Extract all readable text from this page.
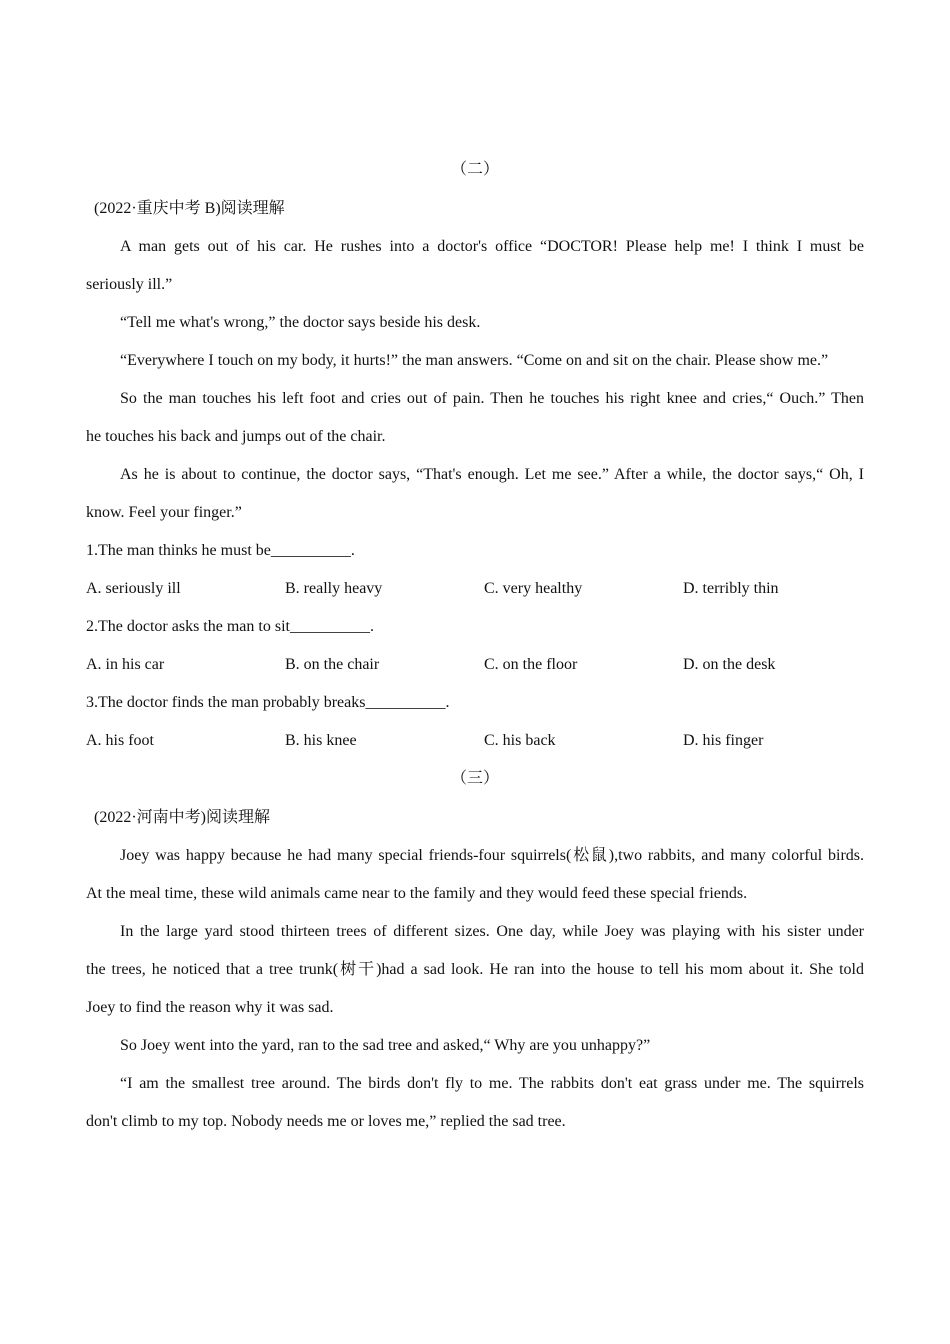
（二）
(2022·重庆中考 B)阅读理解
A man gets out of his car. He rushes into a doctor's office “DOCTOR! Please help me! I think I must be
seriously ill.”
“Tell me what's wrong,” the doctor says beside his desk.
“Everywhere I touch on my body, it hurts!” the man answers. “Come on and sit on the chair. Please show me.”
So the man touches his left foot and cries out of pain. Then he touches his right knee and cries,“ Ouch.” Then
he touches his back and jumps out of the chair.
As he is about to continue, the doctor says, “That's enough. Let me see.” After a while, the doctor says,“ Oh, I
know. Feel your finger.”
1.The man thinks he must be__________.
A. seriously ill	B. really heavy	C. very healthy	D. terribly thin
2.The doctor asks the man to sit__________.
A. in his car	B. on the chair	C. on the floor	D. on the desk
3.The doctor finds the man probably breaks__________.
A. his foot	B. his knee	C. his back	D. his finger
（三）
(2022·河南中考)阅读理解
Joey was happy because he had many special friends-four squirrels(松鼠),two rabbits, and many colorful birds.
At the meal time, these wild animals came near to the family and they would feed these special friends.
In the large yard stood thirteen trees of different sizes. One day, while Joey was playing with his sister under
the trees, he noticed that a tree trunk(树干)had a sad look. He ran into the house to tell his mom about it. She told
Joey to find the reason why it was sad.
So Joey went into the yard, ran to the sad tree and asked,“ Why are you unhappy?”
“I am the smallest tree around. The birds don't fly to me. The rabbits don't eat grass under me. The squirrels
don't climb to my top. Nobody needs me or loves me,” replied the sad tree.
